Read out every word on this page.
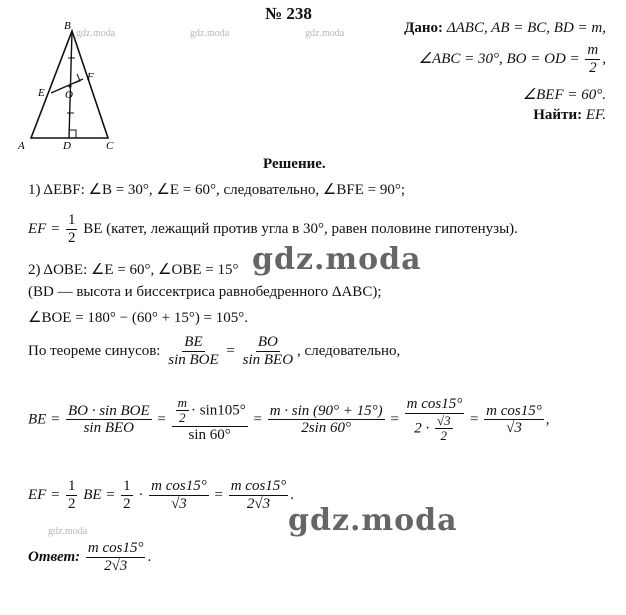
B
E
F
O
A	D	C
gdz.moda	gdz.moda	gdz.moda
gdz.moda
№ 238
Дано: ΔABC, AB = BC, BD = m,
∠ABC = 30°, BO = OD = $\frac{m}{2}$ ,
∠BEF = 60°.
Найти: EF.
Решение.
1) ΔEBF: ∠B = 30°, ∠E = 60°, следовательно, ∠BFE = 90°;
EF = $\frac{1}{2}$ BE (катет, лежащий против угла в 30°, равен половине гипотенузы).
2) ΔOBE: ∠E = 60°, ∠OBE = 15°
(BD — высота и биссектриса равнобедренного ΔABC);
∠BOE = 180° − (60° + 15°) = 105°.
gdz.moda
gdz.moda
По теореме синусов: $\frac{BE}{\text{sin BOE}} = \frac{BO}{\text{sin BEO}}$ , следовательно,
BE = $\frac{\text{BO · sin BOE}}{\text{sin BEO}} = \frac{\frac{m}{2} \cdot \sin 105^\circ}{\sin 60^\circ} = \frac{m \cdot \sin (90^\circ + 15^\circ)}{2\sin 60^\circ} = \frac{\text{m cos15°}}{2 \cdot \frac{√3}{2}} = \frac{\text{m cos15°}}{√3}$ ,
EF = $\frac{1}{2}$ BE = $\frac{1}{2} \cdot \frac{\text{m cos15°}}{√3} = \frac{\text{m cos15°}}{2√3}$ .
Ответ: $\frac{\text{m cos15°}}{2√3}$ .
